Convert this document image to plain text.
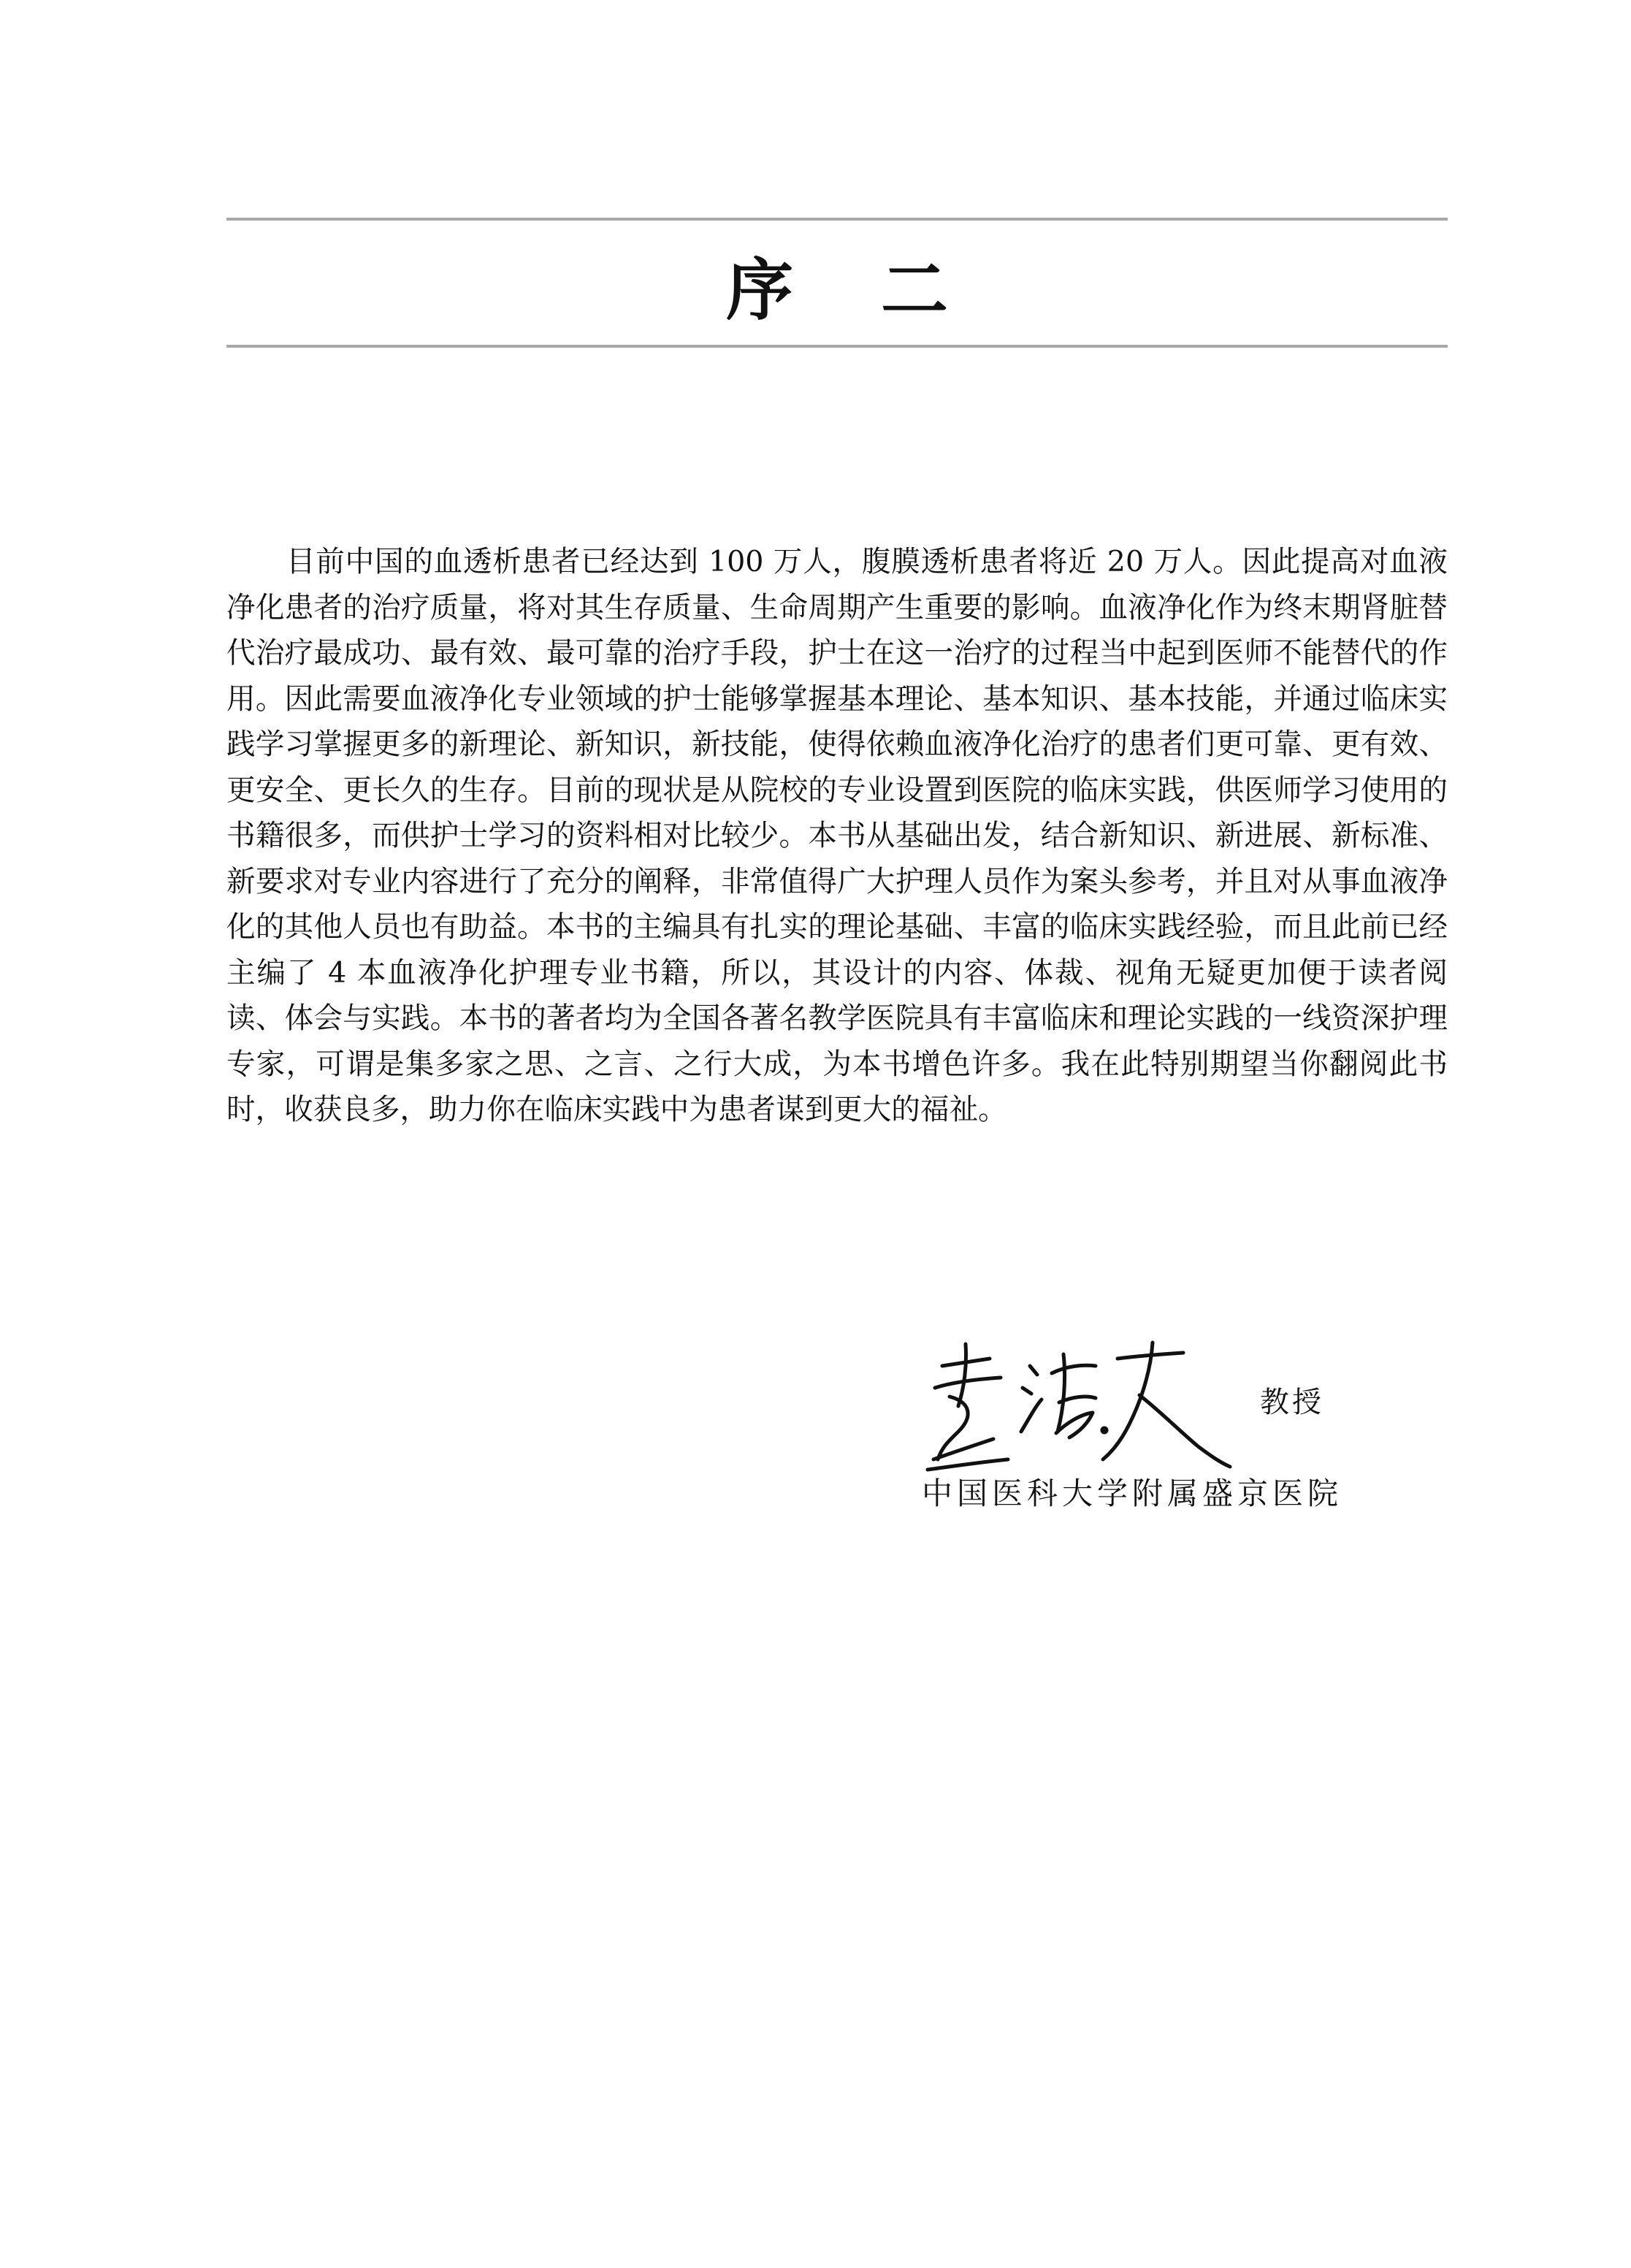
序 二

目前中国的血透析患者已经达到 100 万人，腹膜透析患者将近 20 万人。因此提高对血液净化患者的治疗质量，将对其生存质量、生命周期产生重要的影响。血液净化作为终末期肾脏替代治疗最成功、最有效、最可靠的治疗手段，护士在这一治疗的过程当中起到医师不能替代的作用。因此需要血液净化专业领域的护士能够掌握基本理论、基本知识、基本技能，并通过临床实践学习掌握更多的新理论、新知识，新技能，使得依赖血液净化治疗的患者们更可靠、更有效、更安全、更长久的生存。目前的现状是从院校的专业设置到医院的临床实践，供医师学习使用的书籍很多，而供护士学习的资料相对比较少。本书从基础出发，结合新知识、新进展、新标准、新要求对专业内容进行了充分的阐释，非常值得广大护理人员作为案头参考，并且对从事血液净化的其他人员也有助益。本书的主编具有扎实的理论基础、丰富的临床实践经验，而且此前已经主编了 4 本血液净化护理专业书籍，所以，其设计的内容、体裁、视角无疑更加便于读者阅读、体会与实践。本书的著者均为全国各著名教学医院具有丰富临床和理论实践的一线资深护理专家，可谓是集多家之思、之言、之行大成，为本书增色许多。我在此特别期望当你翻阅此书时，收获良多，助力你在临床实践中为患者谋到更大的福祉。

教授
中国医科大学附属盛京医院
